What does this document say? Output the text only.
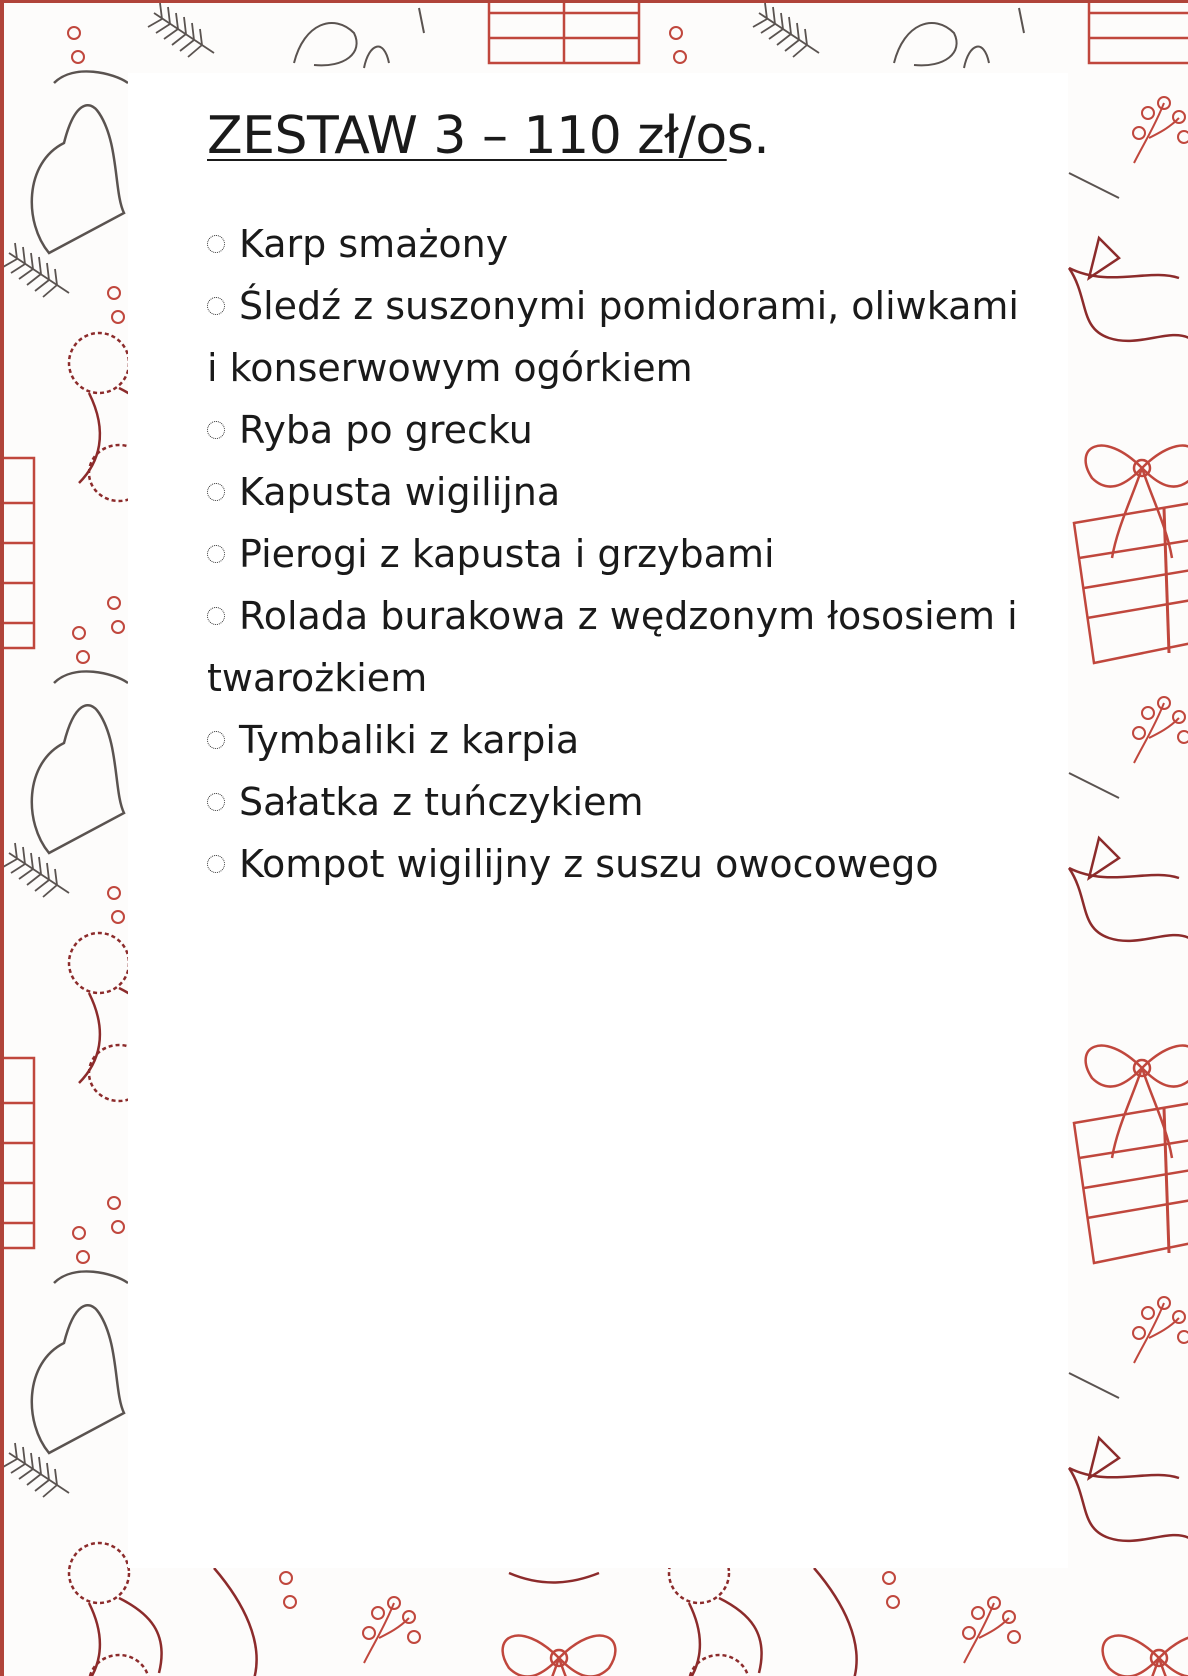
ZESTAW 3 – 110 zł/os.
Karp smażony
Śledź z suszonymi pomidorami, oliwkami i konserwowym ogórkiem
Ryba po grecku
Kapusta wigilijna
Pierogi z kapusta i grzybami
Rolada burakowa z wędzonym łososiem i twarożkiem
Tymbaliki z karpia
Sałatka z tuńczykiem
Kompot wigilijny z suszu owocowego
